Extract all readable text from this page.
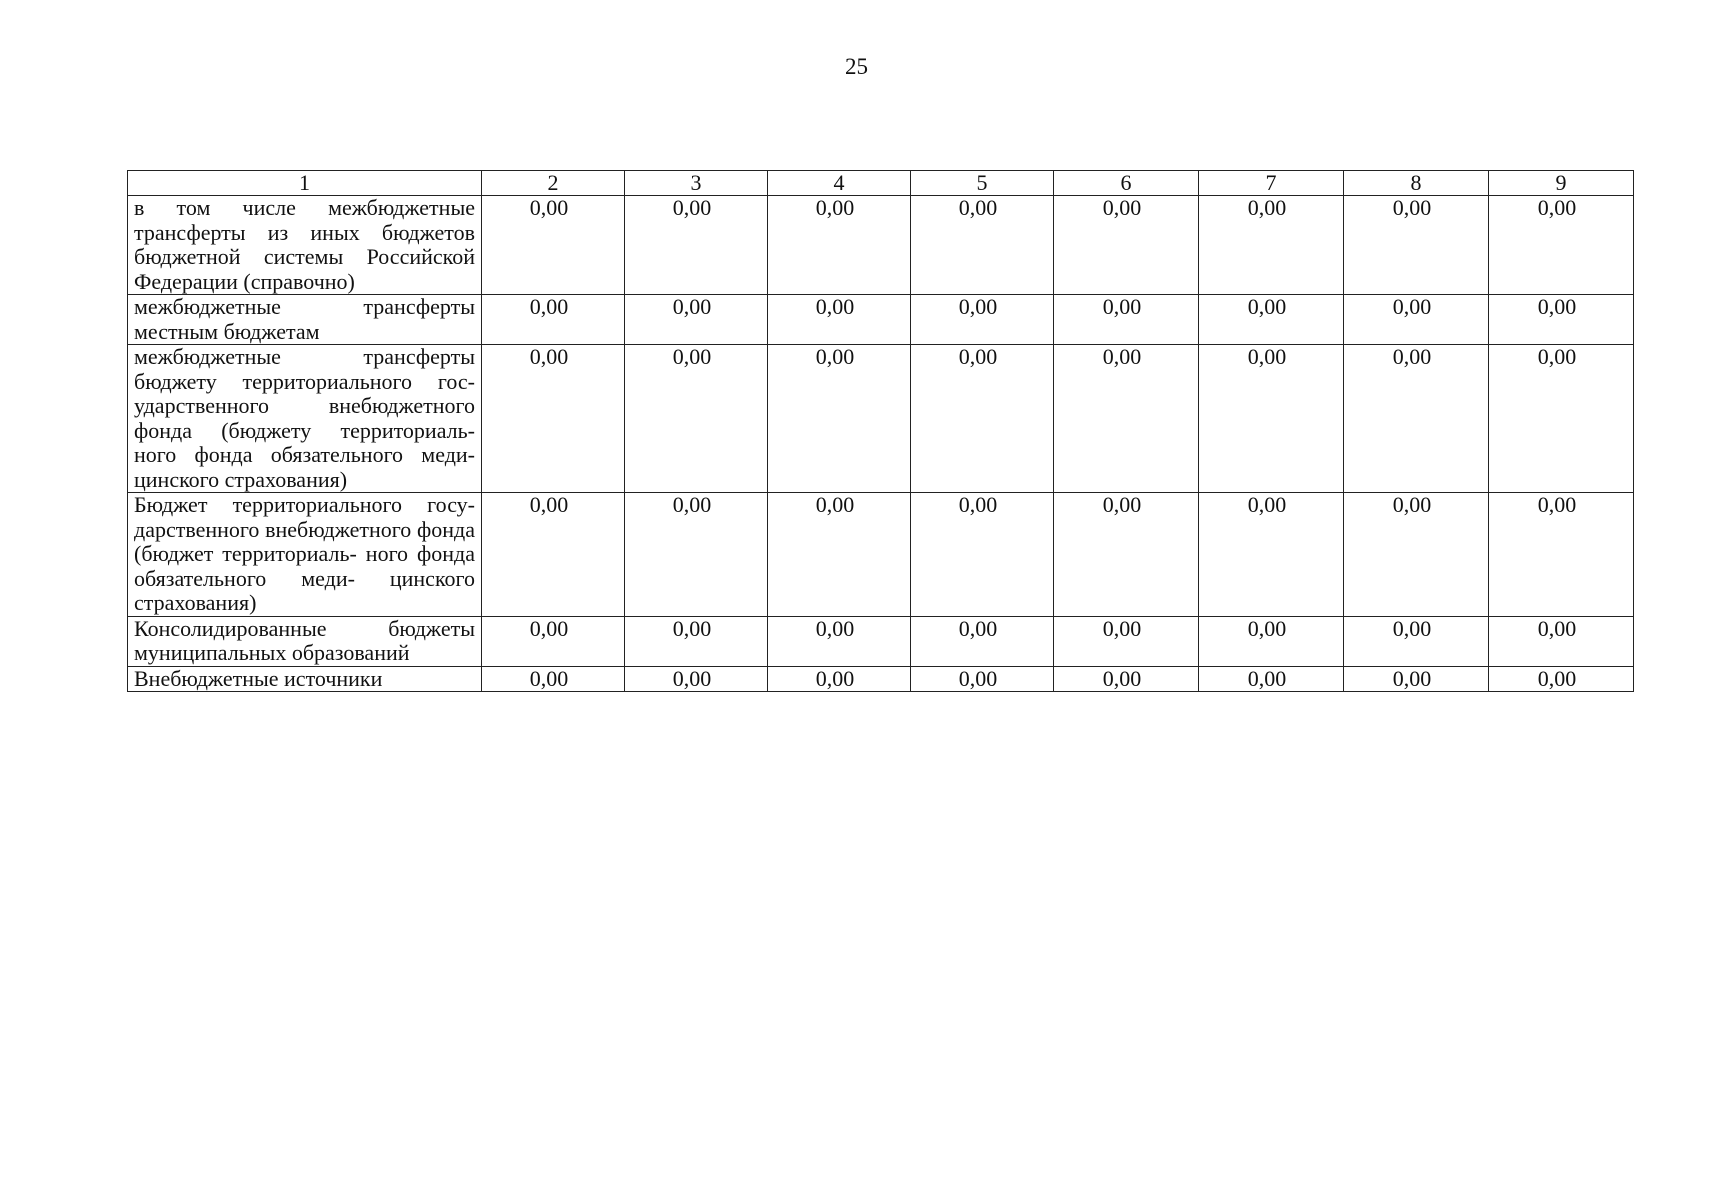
25
1	2	3	4	5	6	7	8	9
в том числе межбюджетные трансферты из иных бюджетов бюджетной системы Российской Федерации (справочно)	0,00	0,00	0,00	0,00	0,00	0,00	0,00	0,00
межбюджетные трансферты местным бюджетам	0,00	0,00	0,00	0,00	0,00	0,00	0,00	0,00
межбюджетные трансферты бюджету территориального гос- ударственного внебюджетного фонда (бюджету территориаль- ного фонда обязательного меди- цинского страхования)	0,00	0,00	0,00	0,00	0,00	0,00	0,00	0,00
Бюджет территориального госу- дарственного внебюджетного фонда (бюджет территориаль- ного фонда обязательного меди- цинского страхования)	0,00	0,00	0,00	0,00	0,00	0,00	0,00	0,00
Консолидированные бюджеты муниципальных образований	0,00	0,00	0,00	0,00	0,00	0,00	0,00	0,00
Внебюджетные источники	0,00	0,00	0,00	0,00	0,00	0,00	0,00	0,00
